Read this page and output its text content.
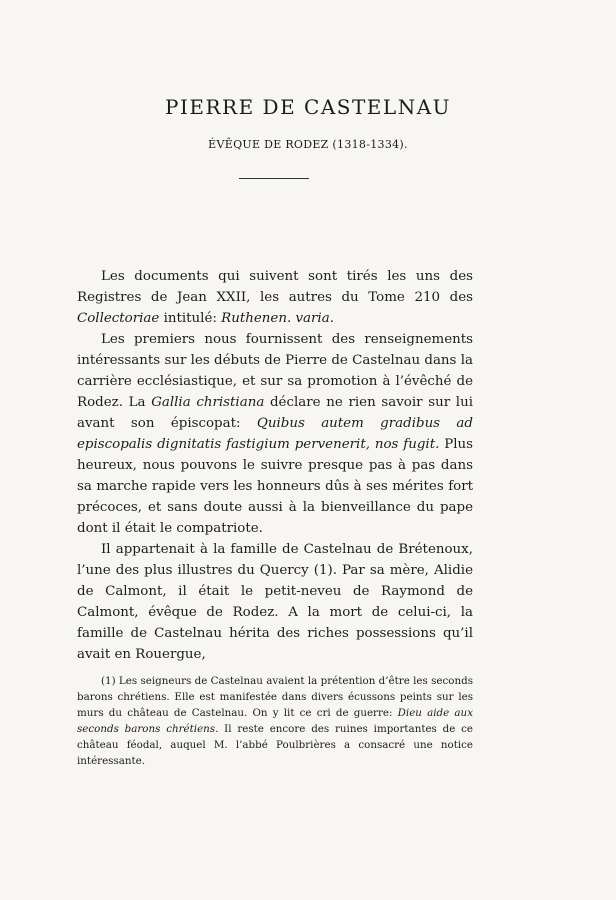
PIERRE DE CASTELNAU
ÉVÊQUE DE RODEZ (1318-1334).

Les documents qui suivent sont tirés les uns des Registres de Jean XXII, les autres du Tome 210 des Collectoriae intitulé: Ruthenen. varia.

Les premiers nous fournissent des renseignements intéressants sur les débuts de Pierre de Castelnau dans la carrière ecclésiastique, et sur sa promotion à l’évêché de Rodez. La Gallia christiana déclare ne rien savoir sur lui avant son épiscopat: Quibus autem gradibus ad episcopalis dignitatis fastigium pervenerit, nos fugit. Plus heureux, nous pouvons le suivre presque pas à pas dans sa marche rapide vers les honneurs dûs à ses mérites fort précoces, et sans doute aussi à la bienveillance du pape dont il était le compatriote.

Il appartenait à la famille de Castelnau de Brétenoux, l’une des plus illustres du Quercy (1). Par sa mère, Alidie de Calmont, il était le petit-neveu de Raymond de Calmont, évêque de Rodez. A la mort de celui-ci, la famille de Castelnau hérita des riches possessions qu’il avait en Rouergue,

(1) Les seigneurs de Castelnau avaient la prétention d’être les seconds barons chrétiens. Elle est manifestée dans divers écussons peints sur les murs du château de Castelnau. On y lit ce cri de guerre: Dieu aide aux seconds barons chrétiens. Il reste encore des ruines importantes de ce château féodal, auquel M. l’abbé Poulbrières a consacré une notice intéressante.
